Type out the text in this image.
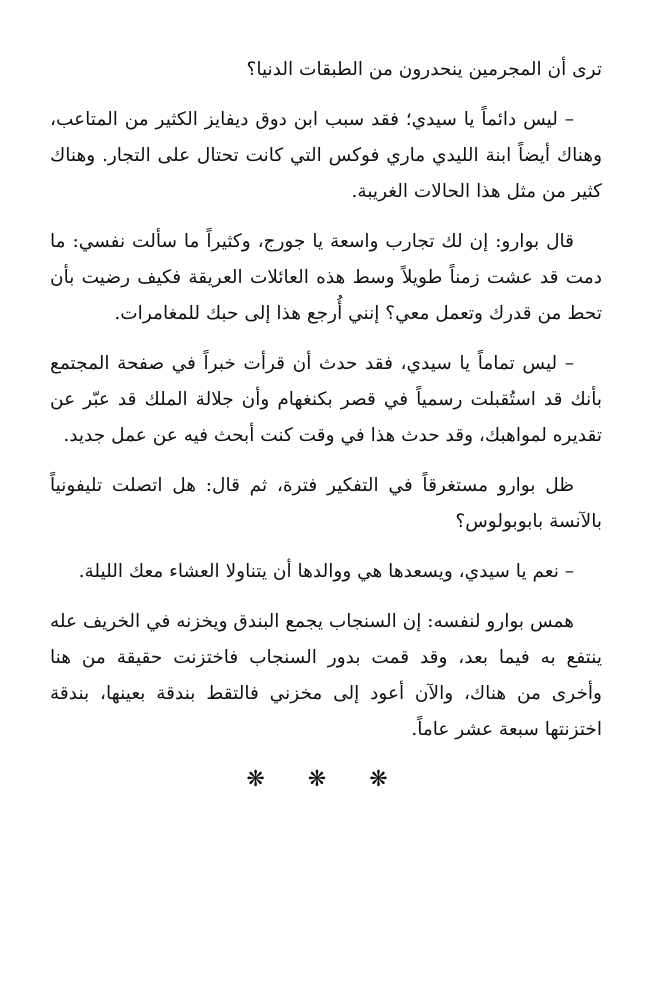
ترى أن المجرمين ينحدرون من الطبقات الدنيا؟

– ليس دائماً يا سيدي؛ فقد سبب ابن دوق ديفايز الكثير من المتاعب، وهناك أيضاً ابنة الليدي ماري فوكس التي كانت تحتال على التجار. وهناك كثير من مثل هذا الحالات الغريبة.

قال بوارو: إن لك تجارب واسعة يا جورج، وكثيراً ما سألت نفسي: ما دمت قد عشت زمناً طويلاً وسط هذه العائلات العريقة فكيف رضيت بأن تحط من قدرك وتعمل معي؟ إنني أُرجع هذا إلى حبك للمغامرات.

– ليس تماماً يا سيدي، فقد حدث أن قرأت خبراً في صفحة المجتمع بأنك قد استُقبلت رسمياً في قصر بكنغهام وأن جلالة الملك قد عبّر عن تقديره لمواهبك، وقد حدث هذا في وقت كنت أبحث فيه عن عمل جديد.

ظل بوارو مستغرقاً في التفكير فترة، ثم قال: هل اتصلت تليفونياً بالآنسة بابوبولوس؟

– نعم يا سيدي، ويسعدها هي ووالدها أن يتناولا العشاء معك الليلة.

همس بوارو لنفسه: إن السنجاب يجمع البندق ويخزنه في الخريف عله ينتفع به فيما بعد، وقد قمت بدور السنجاب فاختزنت حقيقة من هنا وأخرى من هناك، والآن أعود إلى مخزني فالتقط بندقة بعينها، بندقة اختزنتها سبعة عشر عاماً.

❋ ❋ ❋
